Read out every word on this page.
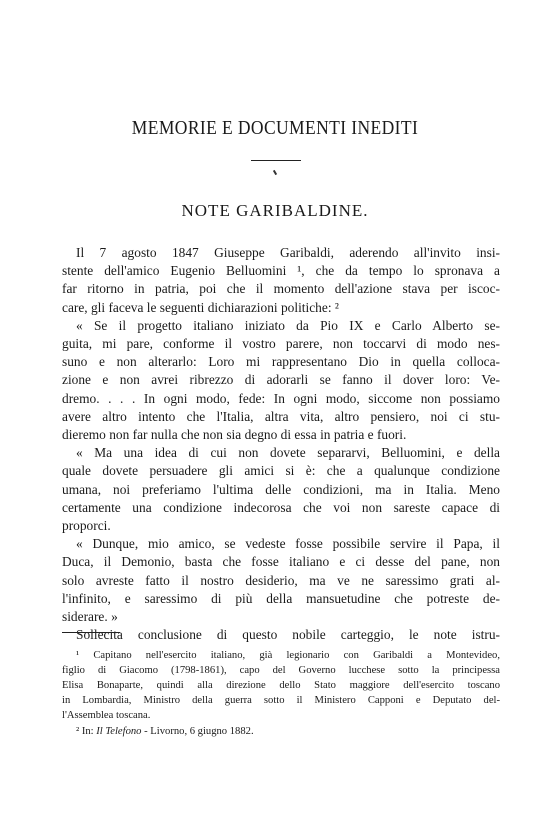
MEMORIE E DOCUMENTI INEDITI
NOTE GARIBALDINE.
Il 7 agosto 1847 Giuseppe Garibaldi, aderendo all'invito insi-
stente dell'amico Eugenio Belluomini ¹, che da tempo lo spronava a
far ritorno in patria, poi che il momento dell'azione stava per iscoc-
care, gli faceva le seguenti dichiarazioni politiche: ²
« Se il progetto italiano iniziato da Pio IX e Carlo Alberto se-
guita, mi pare, conforme il vostro parere, non toccarvi di modo nes-
suno e non alterarlo: Loro mi rappresentano Dio in quella colloca-
zione e non avrei ribrezzo di adorarli se fanno il dover loro: Ve-
dremo. . . . In ogni modo, fede: In ogni modo, siccome non possiamo
avere altro intento che l'Italia, altra vita, altro pensiero, noi ci stu-
dieremo non far nulla che non sia degno di essa in patria e fuori.
« Ma una idea di cui non dovete separarvi, Belluomini, e della
quale dovete persuadere gli amici si è: che a qualunque condizione
umana, noi preferiamo l'ultima delle condizioni, ma in Italia. Meno
certamente una condizione indecorosa che voi non sareste capace di
proporci.
« Dunque, mio amico, se vedeste fosse possibile servire il Papa, il
Duca, il Demonio, basta che fosse italiano e ci desse del pane, non
solo avreste fatto il nostro desiderio, ma ve ne saressimo grati al-
l'infinito, e saressimo di più della mansuetudine che potreste de-
siderare. »
Sollecita conclusione di questo nobile carteggio, le note istru-
¹ Capitano nell'esercito italiano, già legionario con Garibaldi a Montevideo,
figlio di Giacomo (1798-1861), capo del Governo lucchese sotto la principessa
Elisa Bonaparte, quindi alla direzione dello Stato maggiore dell'esercito toscano
in Lombardia, Ministro della guerra sotto il Ministero Capponi e Deputato del-
l'Assemblea toscana.
² In: Il Telefono - Livorno, 6 giugno 1882.
